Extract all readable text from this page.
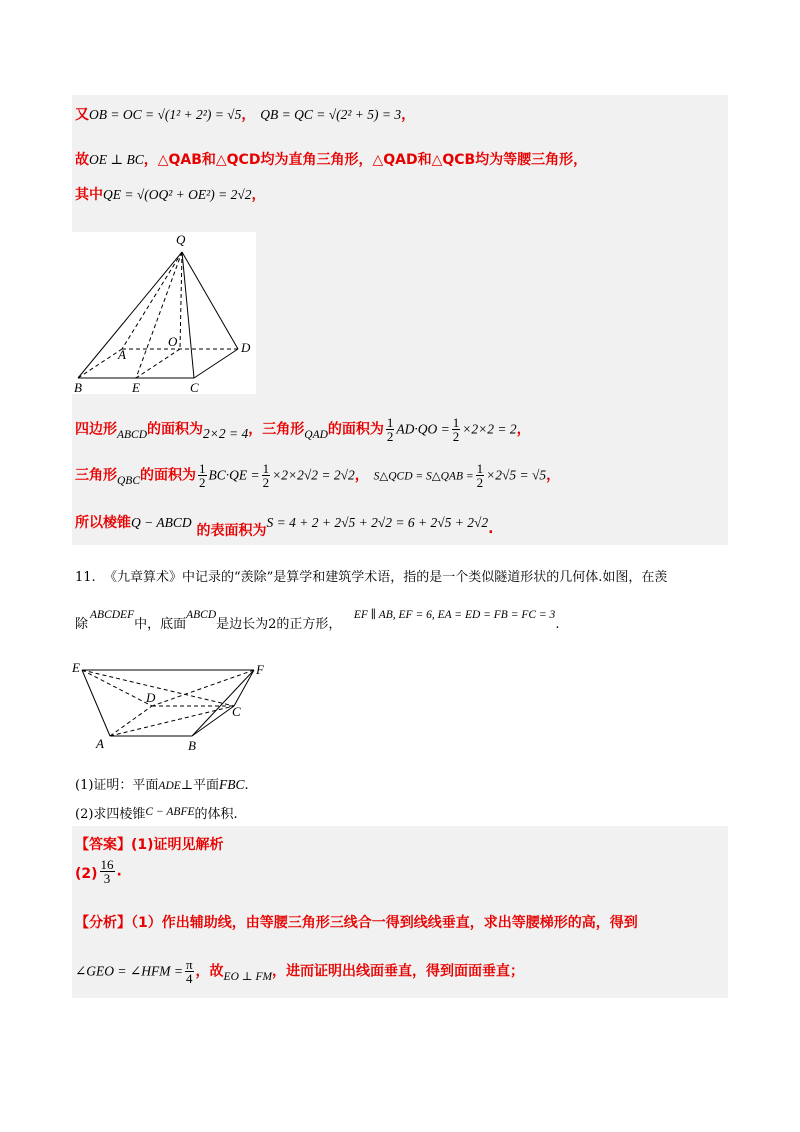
又OB = OC = √(1² + 2²) = √5， QB = QC = √(2² + 5) = 3，
故OE ⊥ BC，△QAB和△QCD均为直角三角形，△QAD和△QCB均为等腰三角形，
其中QE = √(OQ² + OE²) = 2√2，
Q
O
A	D
B	E	C
四边形$_{ABCD}$的面积为2×2 = 4，三角形$_{QAD}$的面积为 $\frac{1}{2} AD\cdot QO = \frac{1}{2} \times 2\times 2 = 2$，
三角形$_{QBC}$的面积为 $\frac{1}{2} BC\cdot QE = \frac{1}{2} \times 2\times 2√2 = 2√2$， S△QCD = S△QAB = $\frac{1}{2} \times 2√5 = √5$，
所以棱锥Q − ABCD 的表面积为S = 4 + 2 + 2√5 + 2√2 = 6 + 2√5 + 2√2.
11. 《九章算术》中记录的“羡除”是算学和建筑学术语，指的是一个类似隧道形状的几何体.如图，在羡
除ABCDEF中，底面ABCD是边长为2的正方形，   EF ∥ AB, EF = 6, EA = ED = FB = FC = 3.
E	F
D
C
A	B
(1)证明：平面ADE⊥平面FBC.
(2)求四棱锥C − ABFE的体积.
【答案】(1)证明见解析
$(2) \frac{16}{3}$ .
【分析】（1）作出辅助线，由等腰三角形三线合一得到线线垂直，求出等腰梯形的高，得到
∠GEO = ∠HFM = $\frac{\pi}{4}$ ，故$_{EO \perp FM}$，进而证明出线面垂直，得到面面垂直；
